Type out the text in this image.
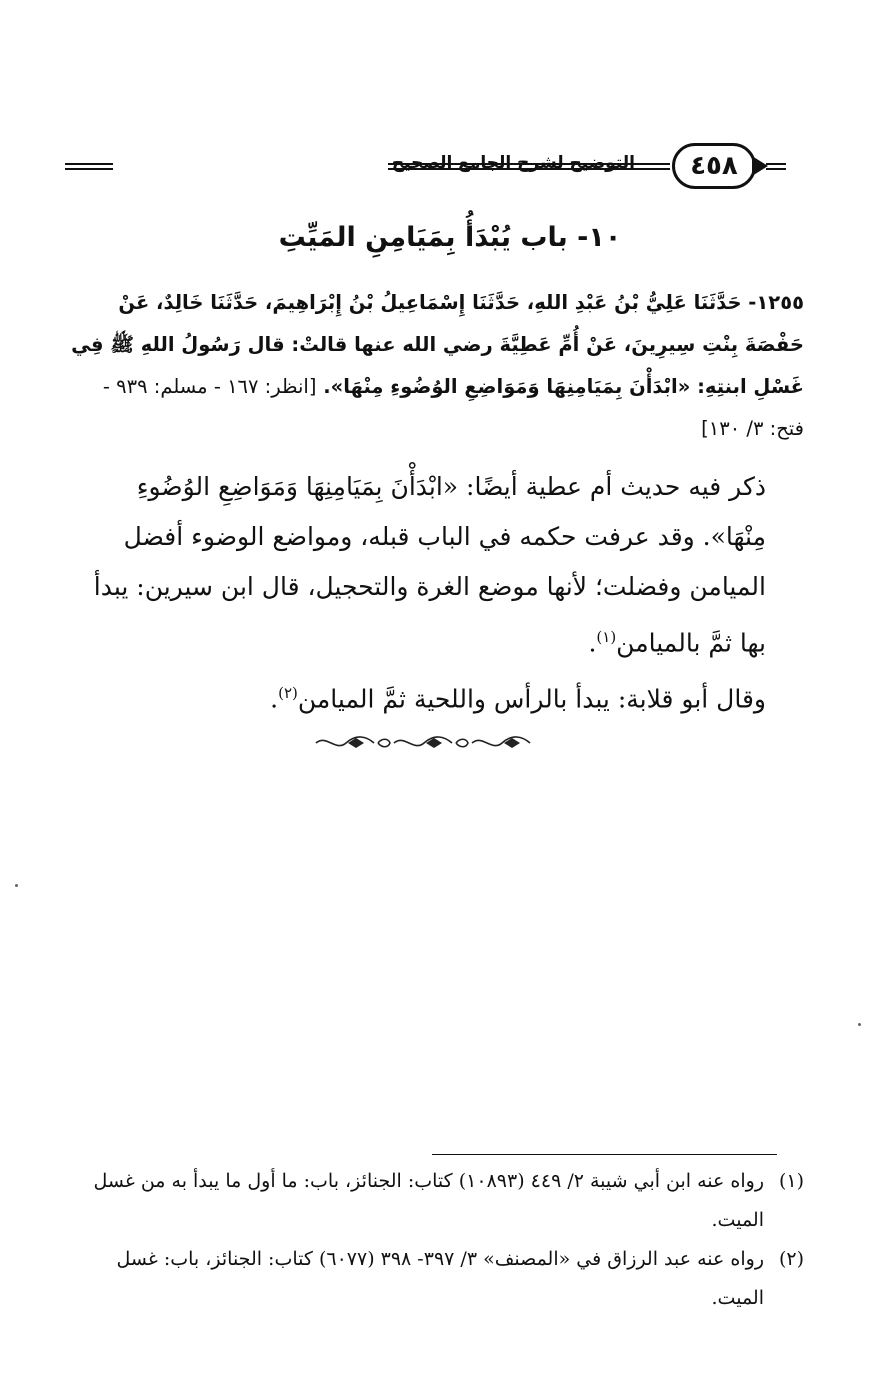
التوضيح لشرح الجامع الصحيح	٤٥٨
١٠- باب يُبْدَأُ بِمَيَامِنِ المَيِّتِ
١٢٥٥- حَدَّثَنَا عَلِيُّ بْنُ عَبْدِ اللهِ، حَدَّثَنَا إِسْمَاعِيلُ بْنُ إِبْرَاهِيمَ، حَدَّثَنَا خَالِدٌ، عَنْ حَفْصَةَ بِنْتِ سِيرِينَ، عَنْ أُمِّ عَطِيَّةَ رضي الله عنها قالتْ: قال رَسُولُ اللهِ ﷺ فِي غَسْلِ ابنتِهِ: «ابْدَأْنَ بِمَيَامِنِهَا وَمَوَاضِعِ الوُضُوءِ مِنْهَا». [انظر: ١٦٧ - مسلم: ٩٣٩ - فتح: ٣/ ١٣٠]

ذكر فيه حديث أم عطية أيضًا: «ابْدَأْنَ بِمَيَامِنِهَا وَمَوَاضِعِ الوُضُوءِ مِنْهَا». وقد عرفت حكمه في الباب قبله، ومواضع الوضوء أفضل الميامن وفضلت؛ لأنها موضع الغرة والتحجيل، قال ابن سيرين: يبدأ بها ثمَّ بالميامن$^{(١)}$.

وقال أبو قلابة: يبدأ بالرأس واللحية ثمَّ الميامن$^{(٢)}$.

(١)
رواه عنه ابن أبي شيبة ٢/ ٤٤٩ (١٠٨٩٣) كتاب: الجنائز، باب: ما أول ما يبدأ به من غسل الميت.
(٢)
رواه عنه عبد الرزاق في «المصنف» ٣/ ٣٩٧- ٣٩٨ (٦٠٧٧) كتاب: الجنائز، باب: غسل الميت.
